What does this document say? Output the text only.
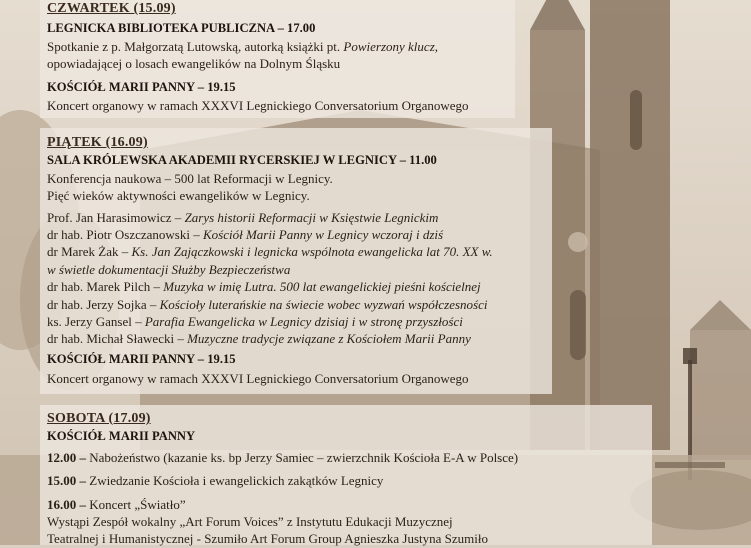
CZWARTEK (15.09)
LEGNICKA BIBLIOTEKA PUBLICZNA – 17.00
Spotkanie z p. Małgorzatą Lutowską, autorką książki pt. Powierzony klucz,
opowiadającej o losach ewangelików na Dolnym Śląsku
KOŚCIÓŁ MARII PANNY – 19.15
Koncert organowy w ramach XXXVI Legnickiego Conversatorium Organowego
PIĄTEK (16.09)
SALA KRÓLEWSKA AKADEMII RYCERSKIEJ W LEGNICY – 11.00
Konferencja naukowa – 500 lat Reformacji w Legnicy.
Pięć wieków aktywności ewangelików w Legnicy.
Prof. Jan Harasimowicz – Zarys historii Reformacji w Księstwie Legnickim
dr hab. Piotr Oszczanowski – Kościół Marii Panny w Legnicy wczoraj i dziś
dr Marek Żak – Ks. Jan Zajączkowski i legnicka wspólnota ewangelicka lat 70. XX w.
w świetle dokumentacji Służby Bezpieczeństwa
dr hab. Marek Pilch – Muzyka w imię Lutra. 500 lat ewangelickiej pieśni kościelnej
dr hab. Jerzy Sojka – Kościoły luterańskie na świecie wobec wyzwań współczesności
ks. Jerzy Gansel – Parafia Ewangelicka w Legnicy dzisiaj i w stronę przyszłości
dr hab. Michał Sławecki – Muzyczne tradycje związane z Kościołem Marii Panny
KOŚCIÓŁ MARII PANNY – 19.15
Koncert organowy w ramach XXXVI Legnickiego Conversatorium Organowego
SOBOTA (17.09)
KOŚCIÓŁ MARII PANNY
12.00 – Nabożeństwo (kazanie ks. bp Jerzy Samiec – zwierzchnik Kościoła E-A w Polsce)
15.00 – Zwiedzanie Kościoła i ewangelickich zakątków Legnicy
16.00 – Koncert „Światło”
Wystąpi Zespół wokalny „Art Forum Voices” z Instytutu Edukacji Muzycznej
Teatralnej i Humanistycznej - Szumiło Art Forum Group Agnieszka Justyna Szumiło
